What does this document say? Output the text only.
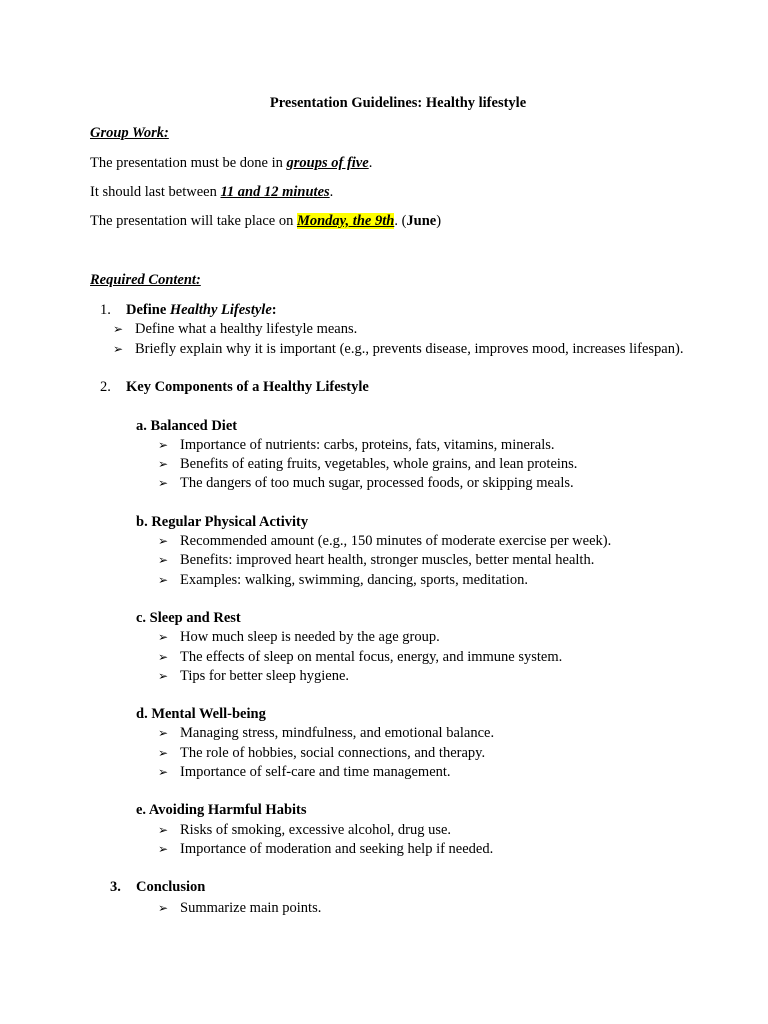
Presentation Guidelines: Healthy lifestyle
Group Work:
The presentation must be done in groups of five.
It should last between 11 and 12 minutes.
The presentation will take place on Monday, the 9th. (June)
Required Content:
1. Define Healthy Lifestyle:
➢ Define what a healthy lifestyle means.
➢ Briefly explain why it is important (e.g., prevents disease, improves mood, increases lifespan).
2. Key Components of a Healthy Lifestyle
a. Balanced Diet
➢ Importance of nutrients: carbs, proteins, fats, vitamins, minerals.
➢ Benefits of eating fruits, vegetables, whole grains, and lean proteins.
➢ The dangers of too much sugar, processed foods, or skipping meals.
b. Regular Physical Activity
➢ Recommended amount (e.g., 150 minutes of moderate exercise per week).
➢ Benefits: improved heart health, stronger muscles, better mental health.
➢ Examples: walking, swimming, dancing, sports, meditation.
c. Sleep and Rest
➢ How much sleep is needed by the age group.
➢ The effects of sleep on mental focus, energy, and immune system.
➢ Tips for better sleep hygiene.
d. Mental Well-being
➢ Managing stress, mindfulness, and emotional balance.
➢ The role of hobbies, social connections, and therapy.
➢ Importance of self-care and time management.
e. Avoiding Harmful Habits
➢ Risks of smoking, excessive alcohol, drug use.
➢ Importance of moderation and seeking help if needed.
3. Conclusion
➢ Summarize main points.
